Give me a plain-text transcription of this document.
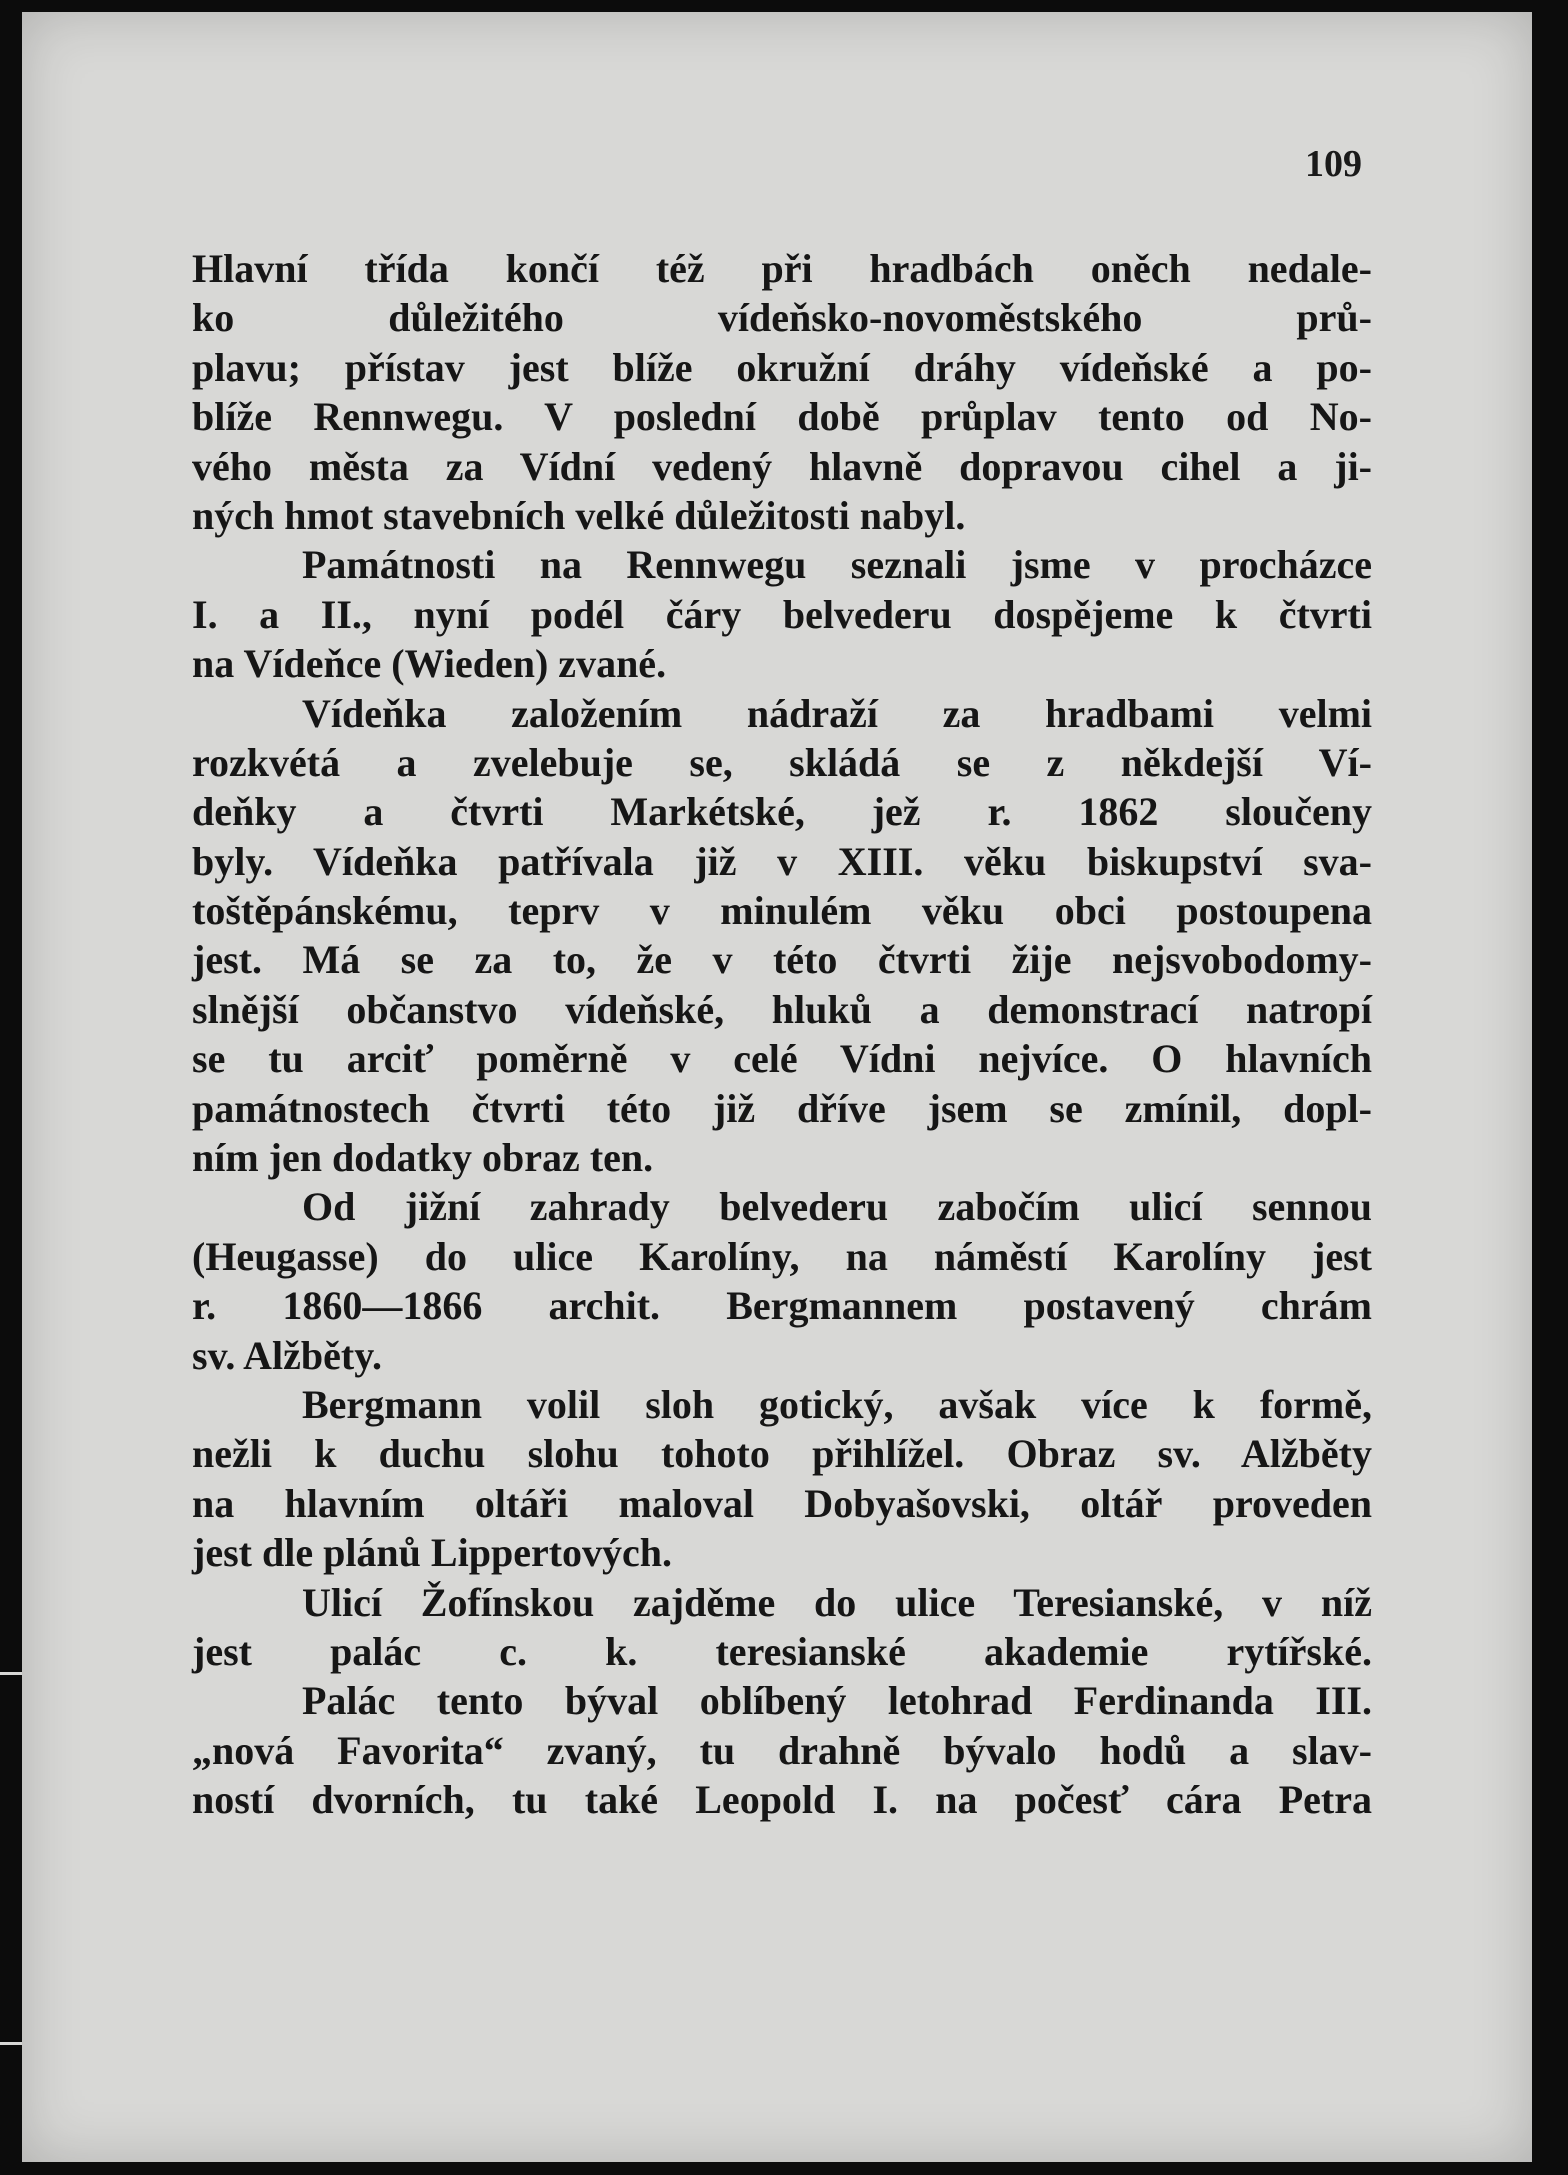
109
Hlavní třída končí též při hradbách oněch nedale-
ko důležitého vídeňsko-novoměstského prů-
plavu; přístav jest blíže okružní dráhy vídeňské a po-
blíže Rennwegu. V poslední době průplav tento od No-
vého města za Vídní vedený hlavně dopravou cihel a ji-
ných hmot stavebních velké důležitosti nabyl.
Památnosti na Rennwegu seznali jsme v procházce
I. a II., nyní podél čáry belvederu dospějeme k čtvrti
na Vídeňce (Wieden) zvané.
Vídeňka založením nádraží za hradbami velmi
rozkvétá a zvelebuje se, skládá se z někdejší Ví-
deňky a čtvrti Markétské, jež r. 1862 sloučeny
byly. Vídeňka patřívala již v XIII. věku biskupství sva-
toštěpánskému, teprv v minulém věku obci postoupena
jest. Má se za to, že v této čtvrti žije nejsvobodomy-
slnější občanstvo vídeňské, hluků a demonstrací natropí
se tu arciť poměrně v celé Vídni nejvíce. O hlavních
památnostech čtvrti této již dříve jsem se zmínil, dopl-
ním jen dodatky obraz ten.
Od jižní zahrady belvederu zabočím ulicí sennou
(Heugasse) do ulice Karolíny, na náměstí Karolíny jest
r. 1860—1866 archit. Bergmannem postavený chrám
sv. Alžběty.
Bergmann volil sloh gotický, avšak více k formě,
nežli k duchu slohu tohoto přihlížel. Obraz sv. Alžběty
na hlavním oltáři maloval Dobyašovski, oltář proveden
jest dle plánů Lippertových.
Ulicí Žofínskou zajděme do ulice Teresianské, v níž
jest palác c. k. teresianské akademie rytířské.
Palác tento býval oblíbený letohrad Ferdinanda III.
„nová Favorita“ zvaný, tu drahně bývalo hodů a slav-
ností dvorních, tu také Leopold I. na počesť cára Petra
